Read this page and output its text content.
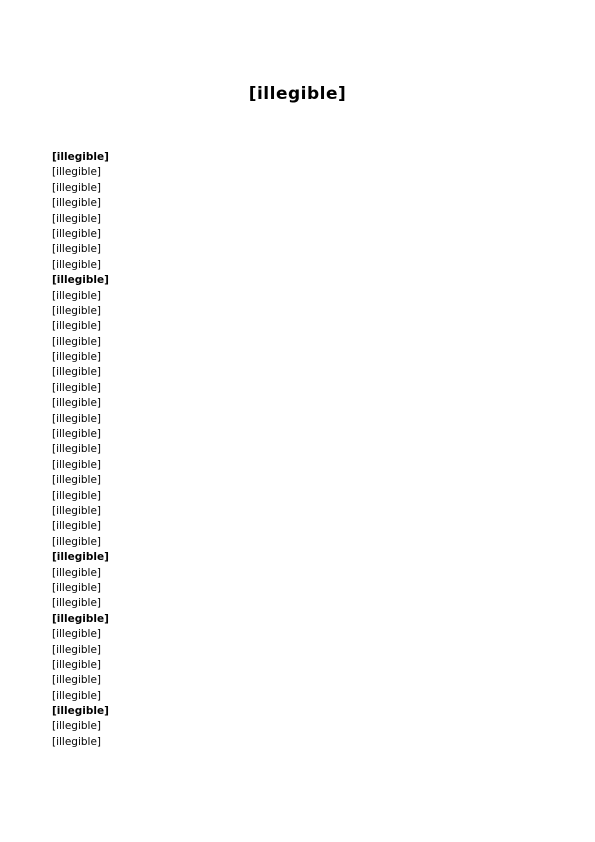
[illegible]
[illegible]
[illegible]
[illegible]
[illegible]
[illegible]
[illegible]
[illegible]
[illegible]
[illegible]
[illegible]
[illegible]
[illegible]
[illegible]
[illegible]
[illegible]
[illegible]
[illegible]
[illegible]
[illegible]
[illegible]
[illegible]
[illegible]
[illegible]
[illegible]
[illegible]
[illegible]
[illegible]
[illegible]
[illegible]
[illegible]
[illegible]
[illegible]
[illegible]
[illegible]
[illegible]
[illegible]
[illegible]
[illegible]
[illegible]
